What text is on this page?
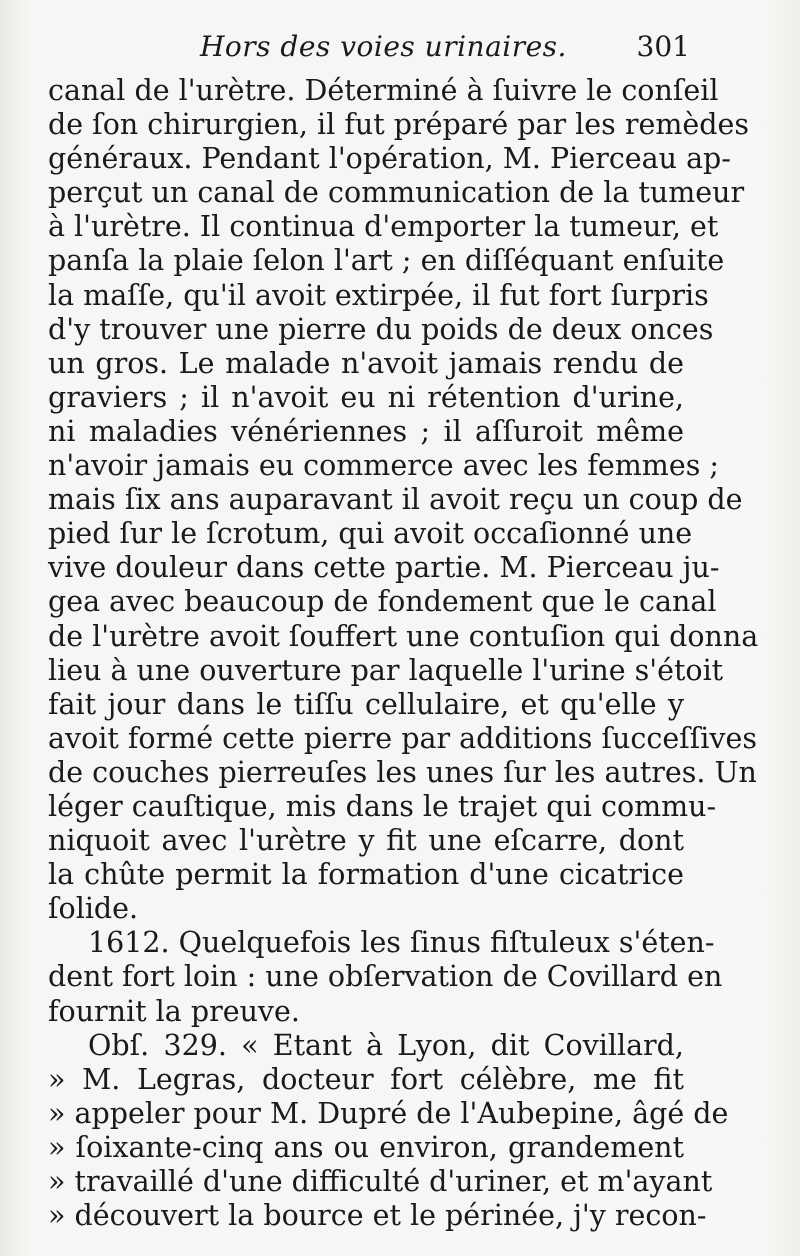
Hors des voies urinaires. 301
canal de l'urètre. Déterminé à ſuivre le conſeil
de ſon chirurgien, il fut préparé par les remèdes
généraux. Pendant l'opération, M. Pierceau ap-
perçut un canal de communication de la tumeur
à l'urètre. Il continua d'emporter la tumeur, et
panſa la plaie ſelon l'art ; en diſſéquant enſuite
la maſſe, qu'il avoit extirpée, il fut fort ſurpris
d'y trouver une pierre du poids de deux onces
un gros. Le malade n'avoit jamais rendu de
graviers ; il n'avoit eu ni rétention d'urine,
ni maladies vénériennes ; il aſſuroit même
n'avoir jamais eu commerce avec les femmes ;
mais ſix ans auparavant il avoit reçu un coup de
pied ſur le ſcrotum, qui avoit occaſionné une
vive douleur dans cette partie. M. Pierceau ju-
gea avec beaucoup de fondement que le canal
de l'urètre avoit ſouffert une contuſion qui donna
lieu à une ouverture par laquelle l'urine s'étoit
fait jour dans le tiſſu cellulaire, et qu'elle y
avoit formé cette pierre par additions ſucceſſives
de couches pierreuſes les unes ſur les autres. Un
léger cauſtique, mis dans le trajet qui commu-
niquoit avec l'urètre y fit une eſcarre, dont
la chûte permit la formation d'une cicatrice
ſolide.
1612. Quelquefois les ſinus fiſtuleux s'éten-
dent fort loin : une obſervation de Covillard en
fournit la preuve.
Obſ. 329. « Etant à Lyon, dit Covillard,
» M. Legras, docteur fort célèbre, me fit
» appeler pour M. Dupré de l'Aubepine, âgé de
» ſoixante-cinq ans ou environ, grandement
» travaillé d'une difficulté d'uriner, et m'ayant
» découvert la bource et le périnée, j'y recon-
